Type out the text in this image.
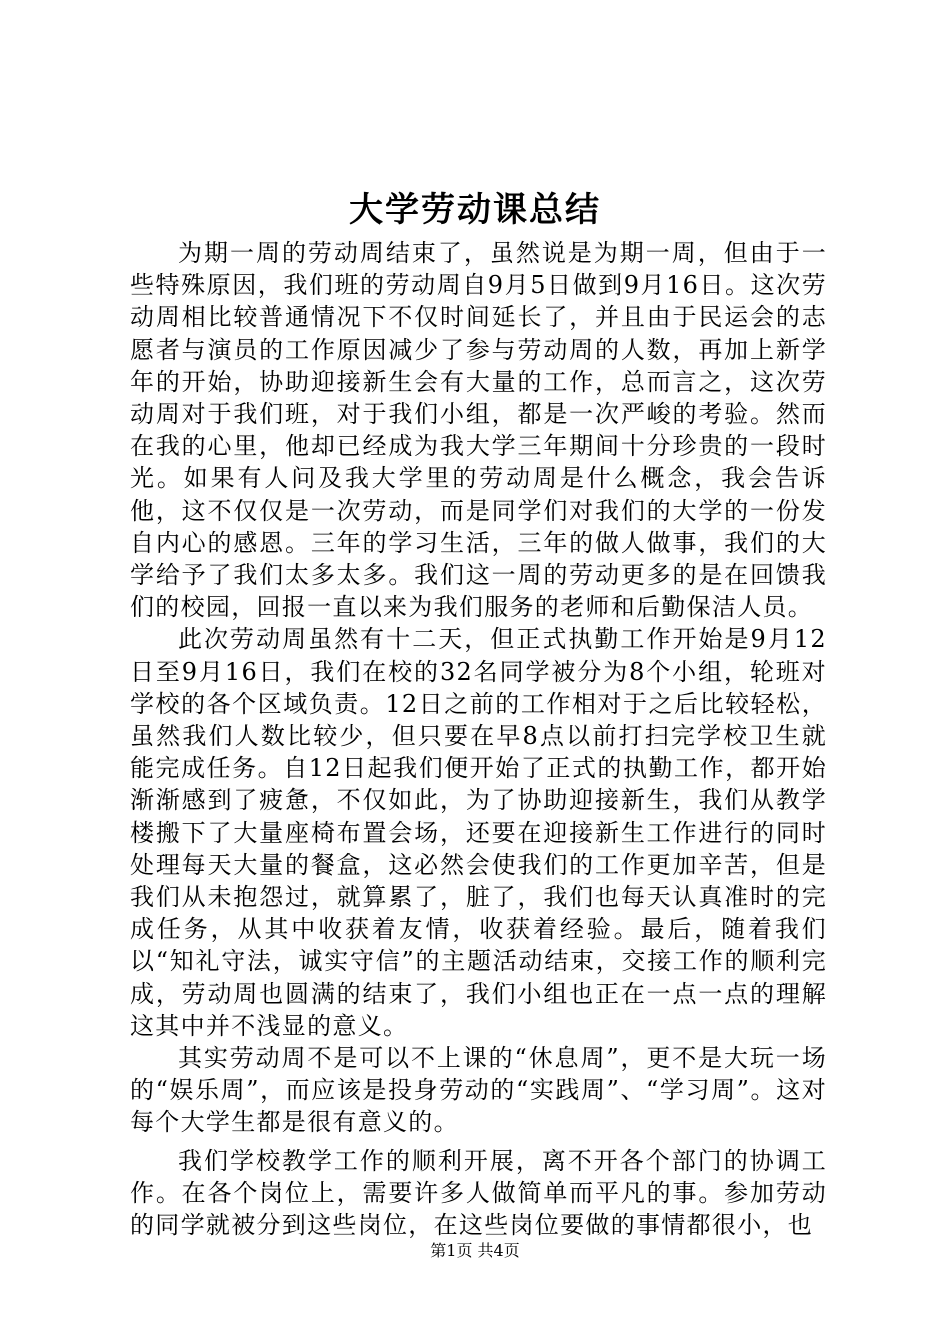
大学劳动课总结

为期一周的劳动周结束了，虽然说是为期一周，但由于一些特殊原因，我们班的劳动周自9月5日做到9月16日。这次劳动周相比较普通情况下不仅时间延长了，并且由于民运会的志愿者与演员的工作原因减少了参与劳动周的人数，再加上新学年的开始，协助迎接新生会有大量的工作，总而言之，这次劳动周对于我们班，对于我们小组，都是一次严峻的考验。然而在我的心里，他却已经成为我大学三年期间十分珍贵的一段时光。如果有人问及我大学里的劳动周是什么概念，我会告诉他，这不仅仅是一次劳动，而是同学们对我们的大学的一份发自内心的感恩。三年的学习生活，三年的做人做事，我们的大学给予了我们太多太多。我们这一周的劳动更多的是在回馈我们的校园，回报一直以来为我们服务的老师和后勤保洁人员。

此次劳动周虽然有十二天，但正式执勤工作开始是9月12日至9月16日，我们在校的32名同学被分为8个小组，轮班对学校的各个区域负责。12日之前的工作相对于之后比较轻松，虽然我们人数比较少，但只要在早8点以前打扫完学校卫生就能完成任务。自12日起我们便开始了正式的执勤工作，都开始渐渐感到了疲惫，不仅如此，为了协助迎接新生，我们从教学楼搬下了大量座椅布置会场，还要在迎接新生工作进行的同时处理每天大量的餐盒，这必然会使我们的工作更加辛苦，但是我们从未抱怨过，就算累了，脏了，我们也每天认真准时的完成任务，从其中收获着友情，收获着经验。最后，随着我们以“知礼守法，诚实守信”的主题活动结束，交接工作的顺利完成，劳动周也圆满的结束了，我们小组也正在一点一点的理解这其中并不浅显的意义。

其实劳动周不是可以不上课的“休息周”，更不是大玩一场的“娱乐周”，而应该是投身劳动的“实践周”、“学习周”。这对每个大学生都是很有意义的。

我们学校教学工作的顺利开展，离不开各个部门的协调工作。在各个岗位上，需要许多人做简单而平凡的事。参加劳动的同学就被分到这些岗位，在这些岗位要做的事情都很小，也

第1页 共4页
